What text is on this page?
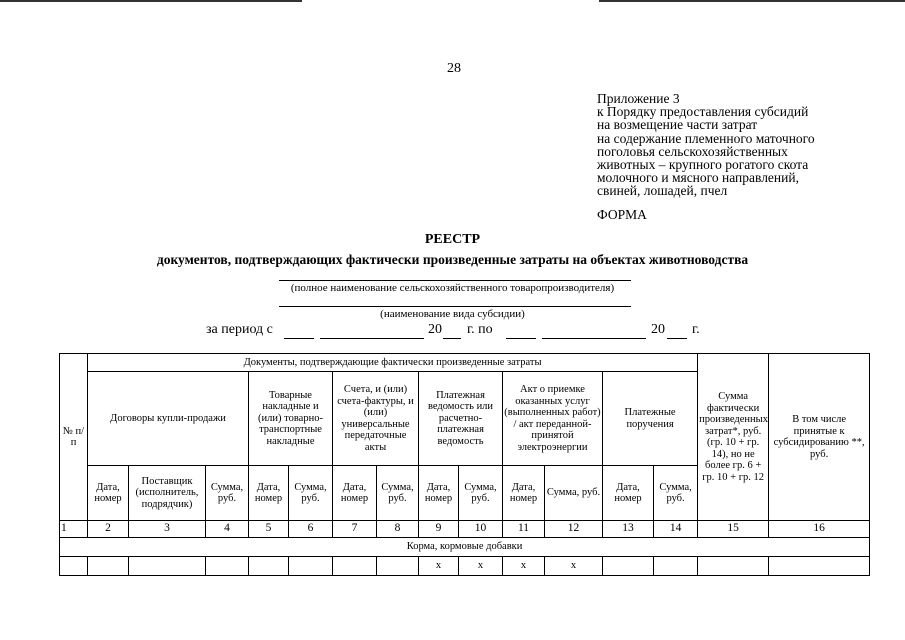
28
Приложение 3
к Порядку предоставления субсидий
на возмещение части затрат
на содержание племенного маточного
поголовья сельскохозяйственных
животных – крупного рогатого скота
молочного и мясного направлений,
свиней, лошадей, пчел
ФОРМА
РЕЕСТР
документов, подтверждающих фактически произведенные затраты на объектах животноводства
(полное наименование сельскохозяйственного товаропроизводителя)
(наименование вида субсидии)
за период с	20 г. по	20 г.
№ п/п	Документы, подтверждающие фактически произведенные затраты													Сумма фактически произведенных затрат*, руб. (гр. 10 + гр. 14), но не более гр. 6 + гр. 10 + гр. 12	В том числе принятые к субсидированию **, руб.
	Договоры купли-продажи			Товарные накладные и (или) товарно-транспортные накладные		Счета, и (или) счета-фактуры, и (или) универсальные передаточные акты		Платежная ведомость или расчетно-платежная ведомость		Акт о приемке оказанных услуг (выполненных работ) / акт переданной-принятой электроэнергии		Платежные поручения			
	Дата, номер	Поставщик (исполнитель, подрядчик)	Сумма, руб.	Дата, номер	Сумма, руб.	Дата, номер	Сумма, руб.	Дата, номер	Сумма, руб.	Дата, номер	Сумма, руб.	Дата, номер	Сумма, руб.		
1	2	3	4	5	6	7	8	9	10	11	12	13	14	15	16
Корма, кормовые добавки															
								х	х	х	х				
